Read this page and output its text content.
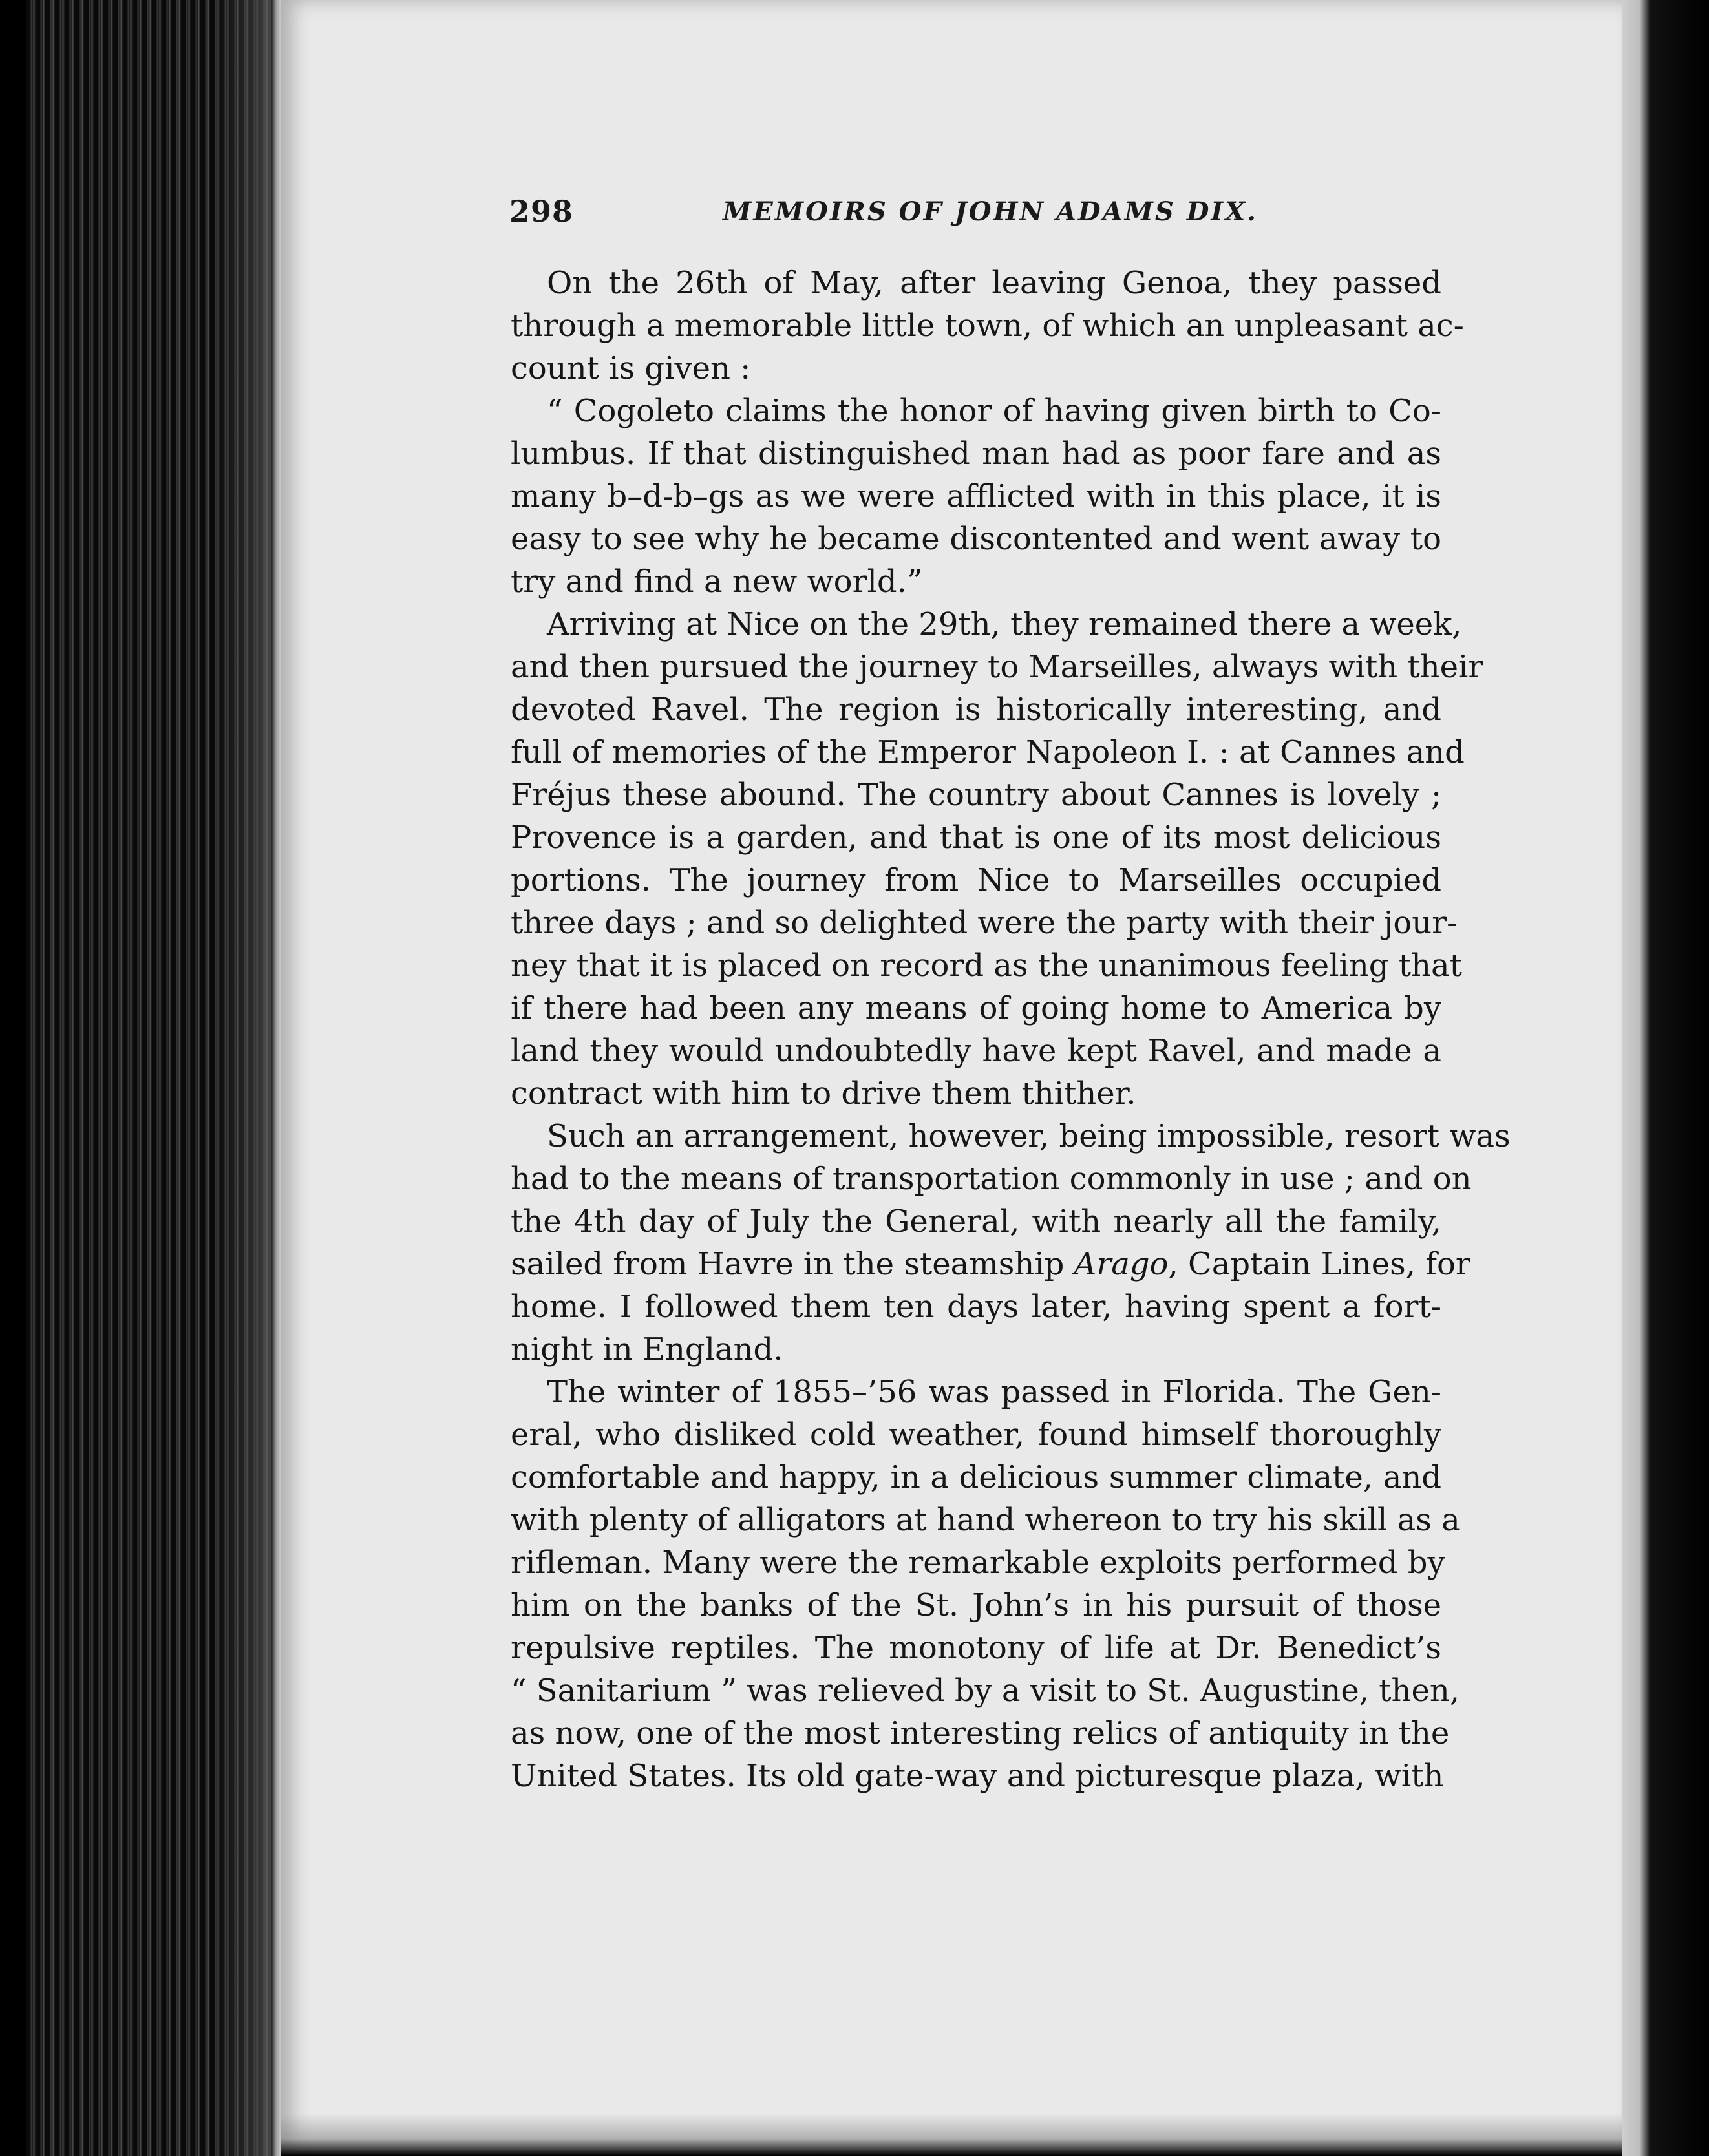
298	MEMOIRS OF JOHN ADAMS DIX.
On the 26th of May, after leaving Genoa, they passed
through a memorable little town, of which an unpleasant ac-
count is given :
“ Cogoleto claims the honor of having given birth to Co-
lumbus. If that distinguished man had as poor fare and as
many b–d-b–gs as we were afflicted with in this place, it is
easy to see why he became discontented and went away to
try and find a new world.”
Arriving at Nice on the 29th, they remained there a week,
and then pursued the journey to Marseilles, always with their
devoted Ravel. The region is historically interesting, and
full of memories of the Emperor Napoleon I. : at Cannes and
Fréjus these abound. The country about Cannes is lovely ;
Provence is a garden, and that is one of its most delicious
portions. The journey from Nice to Marseilles occupied
three days ; and so delighted were the party with their jour-
ney that it is placed on record as the unanimous feeling that
if there had been any means of going home to America by
land they would undoubtedly have kept Ravel, and made a
contract with him to drive them thither.
Such an arrangement, however, being impossible, resort was
had to the means of transportation commonly in use ; and on
the 4th day of July the General, with nearly all the family,
sailed from Havre in the steamship Arago, Captain Lines, for
home. I followed them ten days later, having spent a fort-
night in England.
The winter of 1855–’56 was passed in Florida. The Gen-
eral, who disliked cold weather, found himself thoroughly
comfortable and happy, in a delicious summer climate, and
with plenty of alligators at hand whereon to try his skill as a
rifleman. Many were the remarkable exploits performed by
him on the banks of the St. John’s in his pursuit of those
repulsive reptiles. The monotony of life at Dr. Benedict’s
“ Sanitarium ” was relieved by a visit to St. Augustine, then,
as now, one of the most interesting relics of antiquity in the
United States. Its old gate-way and picturesque plaza, with
